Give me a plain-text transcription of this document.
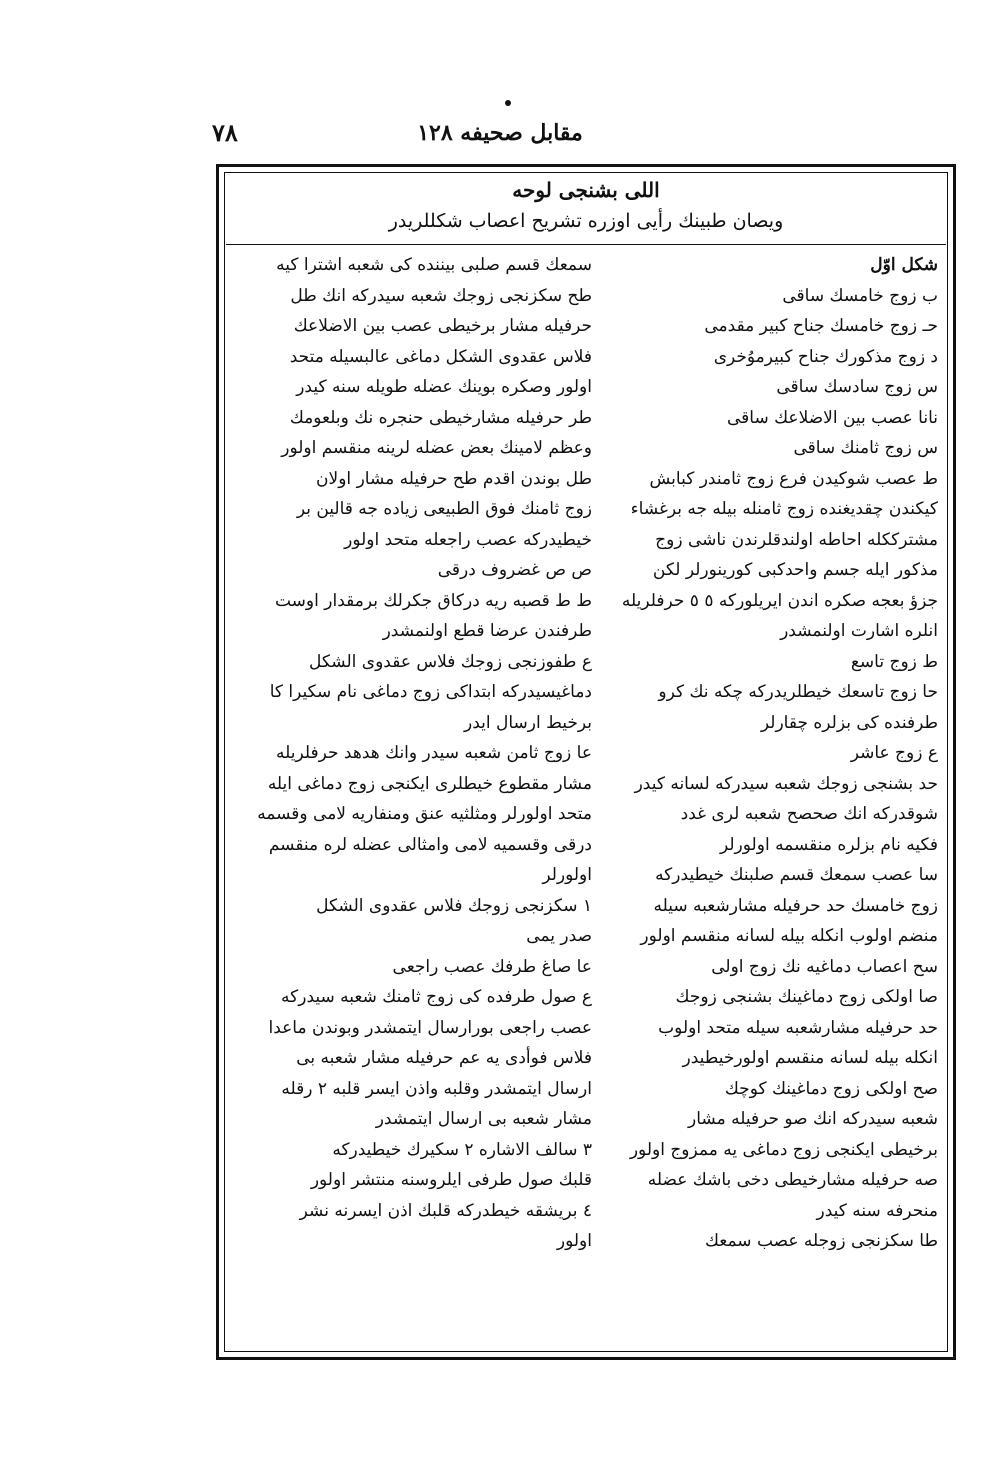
مقابل صحيفه ۱۲۸
۷۸
اللى بشنجى لوحه
ويصان طبينك رأيى اوزره تشريح اعصاب شكللريدر
شكل اوّل
ب زوج خامسك ساقى
حـ زوج خامسك جناح كبير مقدمى
د زوج مذكورك جناح كبيرموُخرى
س زوج سادسك ساقى
نانا عصب بين الاضلاعك ساقى
س زوج ثامنك ساقى
ط عصب شوكيدن فرع زوج ثامندر كبابش
كيكندن چقديغنده زوج ثامنله بيله جه برغشاء
مشترككله احاطه اولندقلرندن ناشى زوج
مذكور ايله جسم واحدكبى كورينورلر لكن
جزؤ بعجه صكره اندن ايريلوركه ٥ ٥ حرفلريله
انلره اشارت اولنمشدر
ط زوج تاسع
حا زوج تاسعك خيطلريدركه چكه نك كرو
طرفنده كى بزلره چقارلر
ع زوج عاشر
حد بشنجى زوجك شعبه سيدركه لسانه كيدر
شوقدركه انك صحصح شعبه لرى غدد
فكيه نام بزلره منقسمه اولورلر
سا عصب سمعك قسم صلبنك خيطيدركه
زوج خامسك حد حرفيله مشارشعبه سيله
منضم اولوب انكله بيله لسانه منقسم اولور
سح اعصاب دماغيه نك زوج اولى
صا اولكى زوج دماغينك بشنجى زوجك
حد حرفيله مشارشعبه سيله متحد اولوب
انكله بيله لسانه منقسم اولورخيطيدر
صح اولكى زوج دماغينك كوچك
شعبه سيدركه انك صو حرفيله مشار
برخيطى ايكنجى زوج دماغى يه ممزوج اولور
صه حرفيله مشارخيطى دخى باشك عضله
منحرفه سنه كيدر
طا سكزنجى زوجله عصب سمعك
سمعك قسم صلبى بيننده كى شعبه اشترا كيه
طح سكزنجى زوجك شعبه سيدركه انك طل
حرفيله مشار برخيطى عصب بين الاضلاعك
فلاس عقدوى الشكل دماغى عالبسيله متحد
اولور وصكره بوينك عضله طويله سنه كيدر
طر حرفيله مشارخيطى حنجره نك وبلعومك
وعظم لامينك بعض عضله لرينه منقسم اولور
طل بوندن اقدم طح حرفيله مشار اولان
زوج ثامنك فوق الطبيعى زياده جه قالين بر
خيطيدركه عصب راجعله متحد اولور
ص ص غضروف درقى
ط ط قصبه ريه دركاق جكرلك برمقدار اوست
طرفندن عرضا قطع اولنمشدر
ع طفوزنجى زوجك فلاس عقدوى الشكل
دماغيسيدركه ابتداكى زوج دماغى نام سكيرا كا
برخيط ارسال ايدر
عا زوج ثامن شعبه سيدر وانك هدهد حرفلريله
مشار مقطوع خيطلرى ايكنجى زوج دماغى ايله
متحد اولورلر ومثلثيه عنق ومنفاريه لامى وقسمه
درقى وقسميه لامى وامثالى عضله لره منقسم
اولورلر
۱ سكزنجى زوجك فلاس عقدوى الشكل
صدر يمى
عا صاغ طرفك عصب راجعى
ع صول طرفده كى زوج ثامنك شعبه سيدركه
عصب راجعى بورارسال ايتمشدر وبوندن ماعدا
فلاس فوأدى يه عم حرفيله مشار شعبه بى
ارسال ايتمشدر وقلبه واذن ايسر قلبه ۲ رقله
مشار شعبه بى ارسال ايتمشدر
۳ سالف الاشاره ۲ سكيرك خيطيدركه
قلبك صول طرفى ايلروسنه منتشر اولور
٤ بريشقه خيطدركه قلبك اذن ايسرنه نشر
اولور
